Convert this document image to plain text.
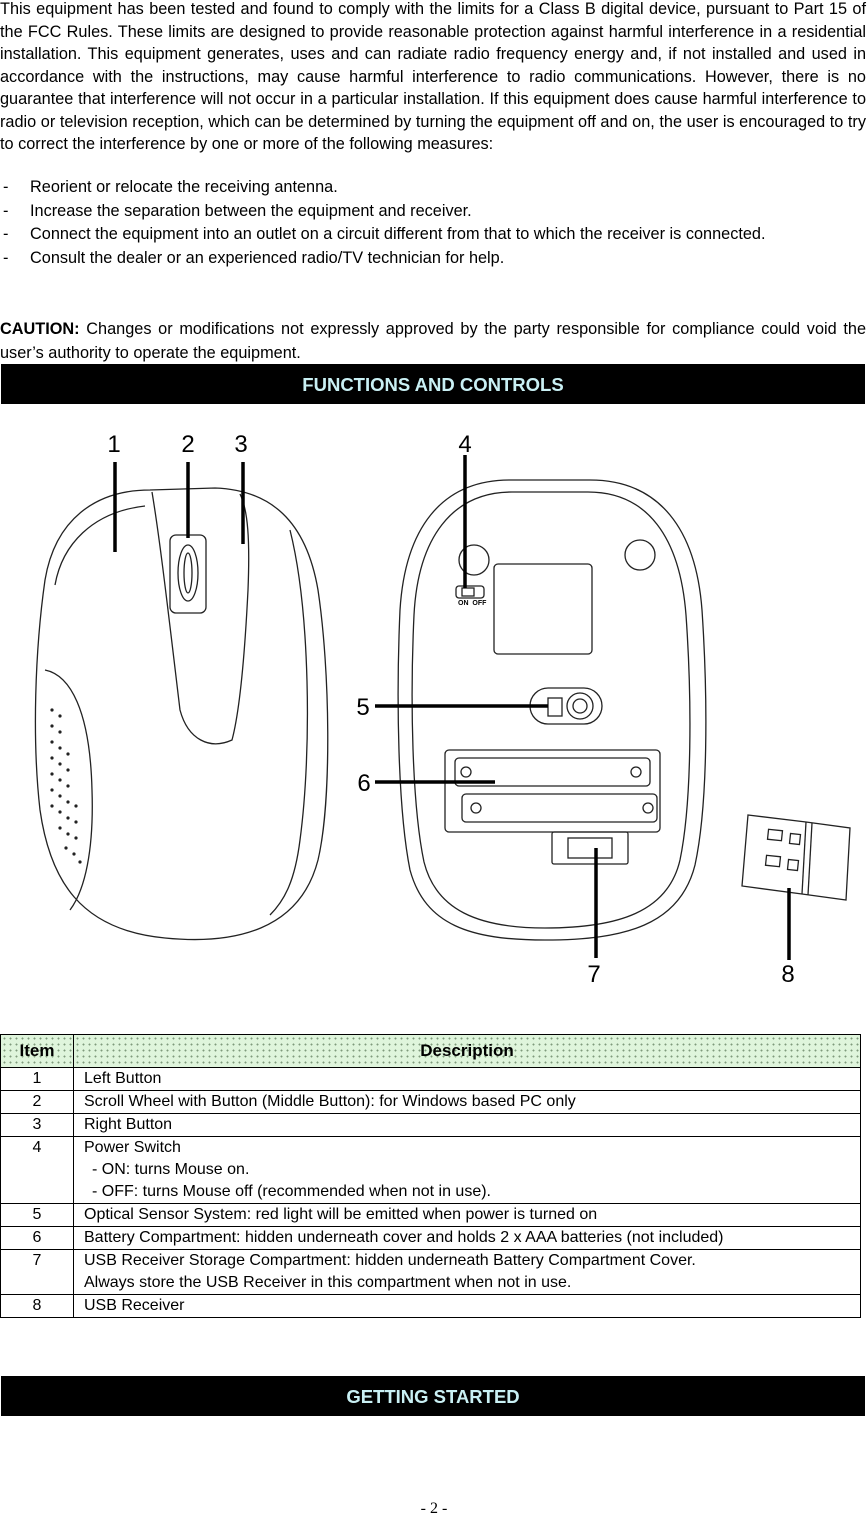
This equipment has been tested and found to comply with the limits for a Class B digital device, pursuant to Part 15 of the FCC Rules. These limits are designed to provide reasonable protection against harmful interference in a residential installation. This equipment generates, uses and can radiate radio frequency energy and, if not installed and used in accordance with the instructions, may cause harmful interference to radio communications. However, there is no guarantee that interference will not occur in a particular installation. If this equipment does cause harmful interference to radio or television reception, which can be determined by turning the equipment off and on, the user is encouraged to try to correct the interference by one or more of the following measures:

- Reorient or relocate the receiving antenna.
- Increase the separation between the equipment and receiver.
- Connect the equipment into an outlet on a circuit different from that to which the receiver is connected.
- Consult the dealer or an experienced radio/TV technician for help.

CAUTION: Changes or modifications not expressly approved by the party responsible for compliance could void the user’s authority to operate the equipment.

FUNCTIONS AND CONTROLS
ON  OFF
1	2 3	4
5
6
7	8
Item	Description
1	Left Button
2	Scroll Wheel with Button (Middle Button): for Windows based PC only
3	Right Button
4	Power Switch
- ON: turns Mouse on.
- OFF: turns Mouse off (recommended when not in use).

5	Optical Sensor System: red light will be emitted when power is turned on
6	Battery Compartment: hidden underneath cover and holds 2 x AAA batteries (not included)
7	USB Receiver Storage Compartment: hidden underneath Battery Compartment Cover.
Always store the USB Receiver in this compartment when not in use.

8	USB Receiver
GETTING STARTED
- 2 -
